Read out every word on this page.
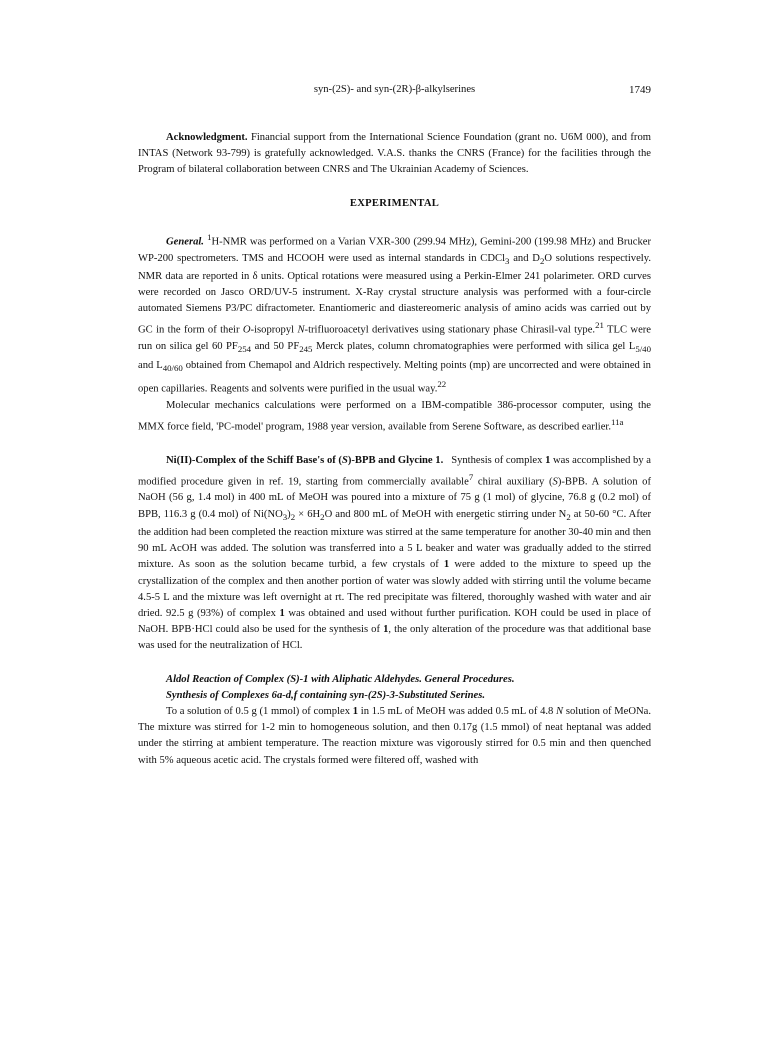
syn-(2S)- and syn-(2R)-β-alkylserines	1749

Acknowledgment. Financial support from the International Science Foundation (grant no. U6M 000), and from INTAS (Network 93-799) is gratefully acknowledged. V.A.S. thanks the CNRS (France) for the facilities through the Program of bilateral collaboration between CNRS and The Ukrainian Academy of Sciences.

EXPERIMENTAL

General. $^1$H-NMR was performed on a Varian VXR-300 (299.94 MHz), Gemini-200 (199.98 MHz) and Brucker WP-200 spectrometers. TMS and HCOOH were used as internal standards in CDCl$_3$ and $D_2O$ solutions respectively. NMR data are reported in δ units. Optical rotations were measured using a Perkin-Elmer 241 polarimeter. ORD curves were recorded on Jasco ORD/UV-5 instrument. X-Ray crystal structure analysis was performed with a four-circle automated Siemens P3/PC difractometer. Enantiomeric and diastereomeric analysis of amino acids was carried out by GC in the form of their O-isopropyl N-trifluoroacetyl derivatives using stationary phase Chirasil-val type.$^{21}$ TLC were run on silica gel 60 $PF_{254}$ and 50 $PF_{245}$ Merck plates, column chromatographies were performed with silica gel $L_{5/40}$ and $L_{40/60}$ obtained from Chemapol and Aldrich respectively. Melting points (mp) are uncorrected and were obtained in open capillaries. Reagents and solvents were purified in the usual way.$^{22}$

Molecular mechanics calculations were performed on a IBM-compatible 386-processor computer, using the MMX force field, 'PC-model' program, 1988 year version, available from Serene Software, as described earlier.$^{11a}$

Ni(II)-Complex of the Schiff Base's of (S)-BPB and Glycine 1. Synthesis of complex 1 was accomplished by a modified procedure given in ref. 19, starting from commercially available$^7$ chiral auxiliary (S)-BPB. A solution of NaOH (56 g, 1.4 mol) in 400 mL of MeOH was poured into a mixture of 75 g (1 mol) of glycine, 76.8 g (0.2 mol) of BPB, 116.3 g (0.4 mol) of $Ni(NO_3)_2 \times 6H_2O$ and 800 mL of MeOH with energetic stirring under $N_2$ at 50-60 °C. After the addition had been completed the reaction mixture was stirred at the same temperature for another 30-40 min and then 90 mL AcOH was added. The solution was transferred into a 5 L beaker and water was gradually added to the stirred mixture. As soon as the solution became turbid, a few crystals of 1 were added to the mixture to speed up the crystallization of the complex and then another portion of water was slowly added with stirring until the volume became 4.5-5 L and the mixture was left overnight at rt. The red precipitate was filtered, thoroughly washed with water and air dried. 92.5 g (93%) of complex 1 was obtained and used without further purification. KOH could be used in place of NaOH. BPB·HCl could also be used for the synthesis of 1, the only alteration of the procedure was that additional base was used for the neutralization of HCl.

Aldol Reaction of Complex (S)-1 with Aliphatic Aldehydes. General Procedures.

Synthesis of Complexes 6a-d,f containing syn-(2S)-3-Substituted Serines.

To a solution of 0.5 g (1 mmol) of complex 1 in 1.5 mL of MeOH was added 0.5 mL of 4.8 N solution of MeONa. The mixture was stirred for 1-2 min to homogeneous solution, and then 0.17g (1.5 mmol) of neat heptanal was added under the stirring at ambient temperature. The reaction mixture was vigorously stirred for 0.5 min and then quenched with 5% aqueous acetic acid. The crystals formed were filtered off, washed with
